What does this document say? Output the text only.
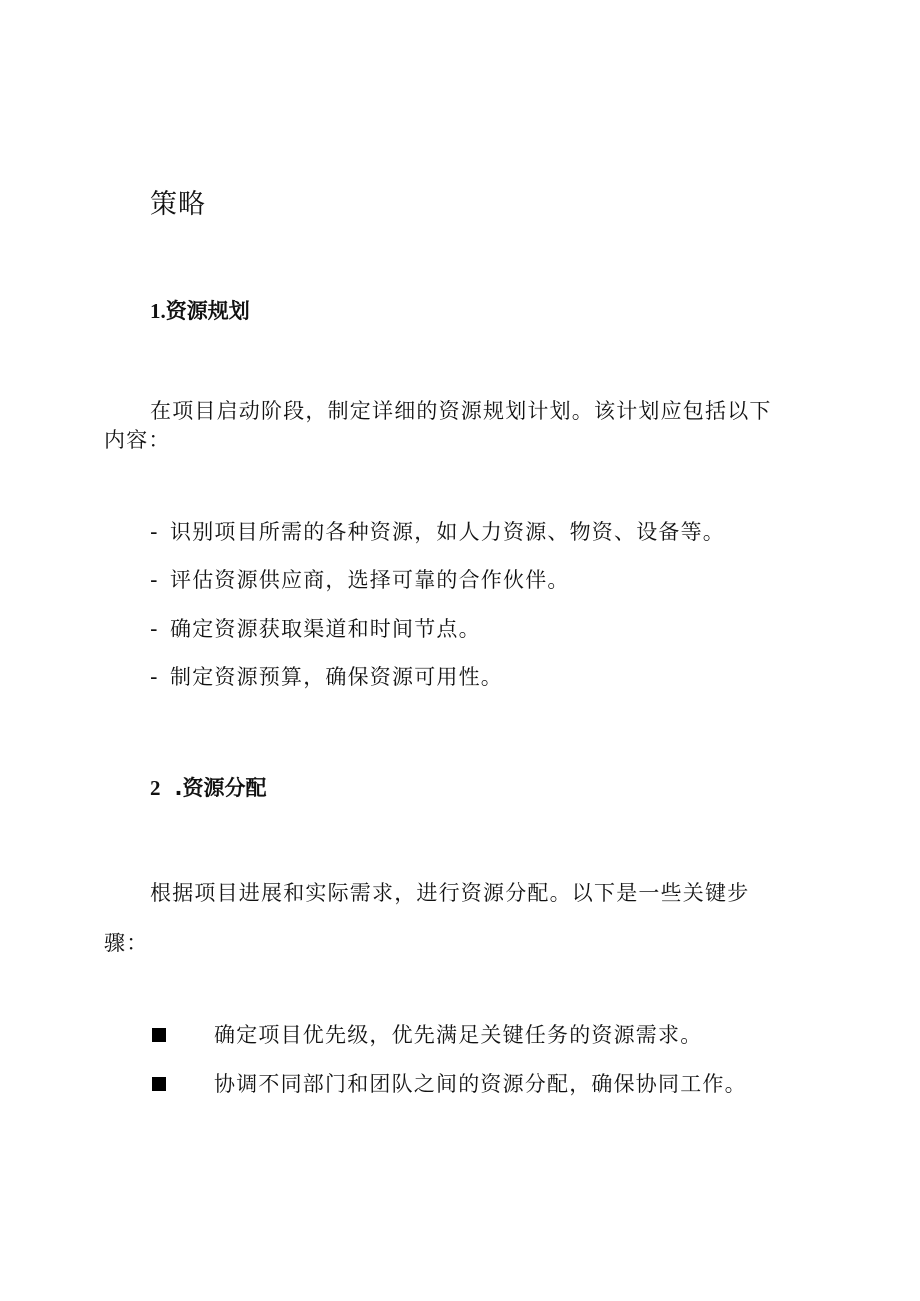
策略
1.资源规划
在项目启动阶段，制定详细的资源规划计划。该计划应包括以下
内容：
- 识别项目所需的各种资源，如人力资源、物资、设备等。
- 评估资源供应商，选择可靠的合作伙伴。
- 确定资源获取渠道和时间节点。
- 制定资源预算，确保资源可用性。
2 .资源分配
根据项目进展和实际需求，进行资源分配。以下是一些关键步
骤：
确定项目优先级，优先满足关键任务的资源需求。
协调不同部门和团队之间的资源分配，确保协同工作。
